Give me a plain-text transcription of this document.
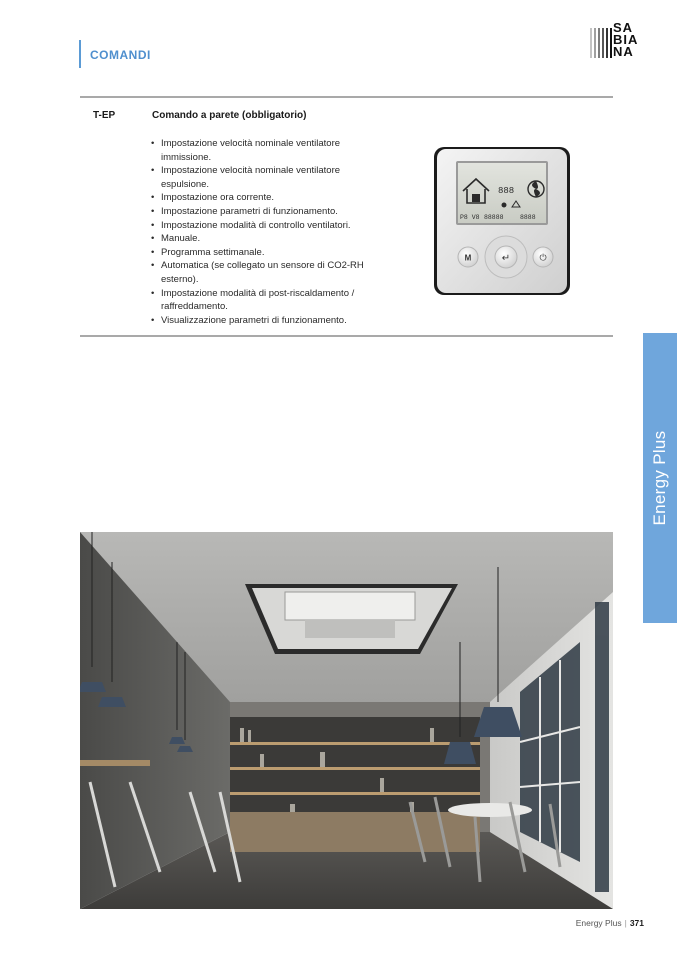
COMANDI
SA
BIA
NA
T-EP	Comando a parete (obbligatorio)
• Impostazione velocità nominale ventilatore immissione.
• Impostazione velocità nominale ventilatore espulsione.
• Impostazione ora corrente.
• Impostazione parametri di funzionamento.
• Impostazione modalità di controllo ventilatori.
• Manuale.
• Programma settimanale.
• Automatica (se collegato un sensore di CO2-RH esterno).
• Impostazione modalità di post-riscaldamento / raffreddamento.
• Visualizzazione parametri di funzionamento.
888
P8 V8 88888	8888
↵
M	⏻
Energy Plus
Energy Plus | 371
